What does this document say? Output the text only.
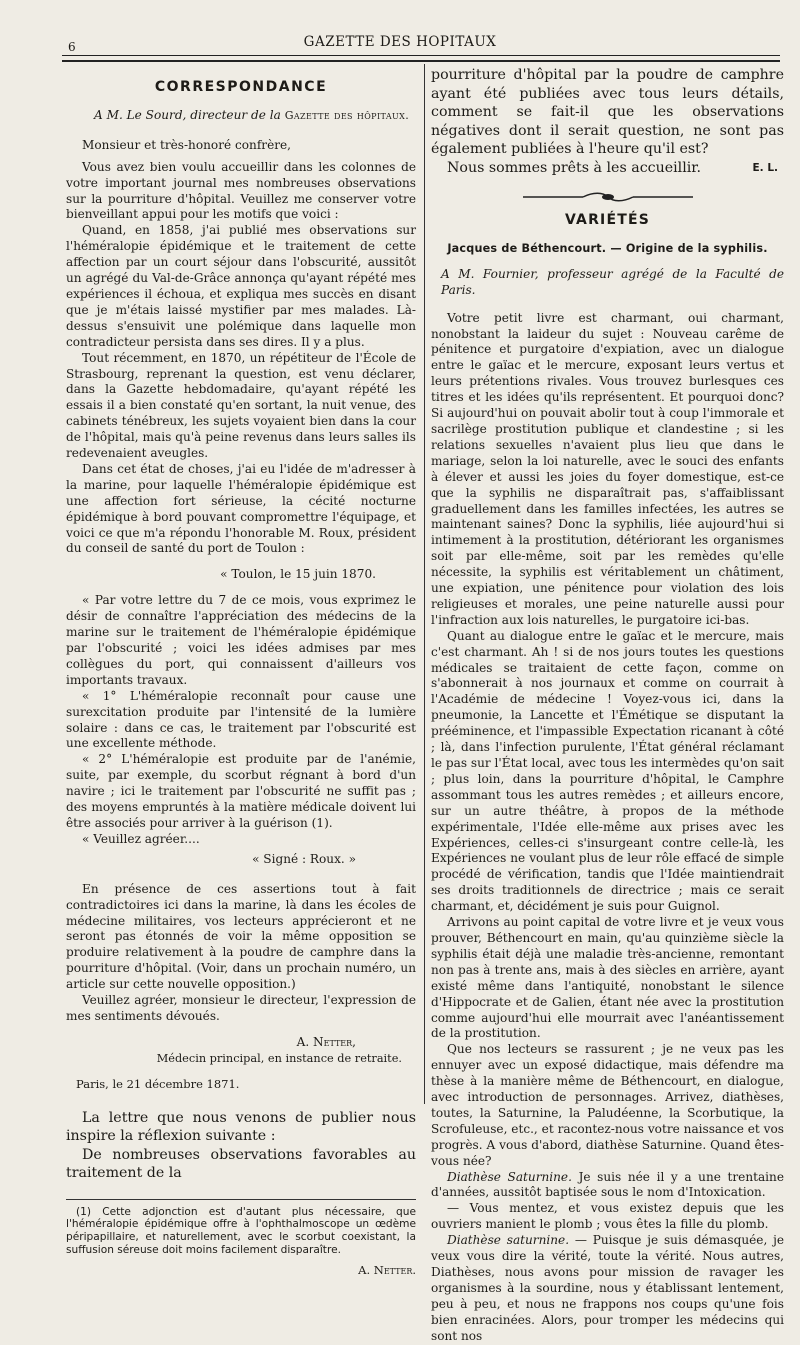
6	GAZETTE DES HOPITAUX
CORRESPONDANCE

A M. Le Sourd, directeur de la Gazette des hôpitaux.

Monsieur et très-honoré confrère,

Vous avez bien voulu accueillir dans les colonnes de votre important journal mes nombreuses observations sur la pourriture d'hôpital. Veuillez me conserver votre bienveillant appui pour les motifs que voici :

Quand, en 1858, j'ai publié mes observations sur l'héméralopie épidémique et le traitement de cette affection par un court séjour dans l'obscurité, aussitôt un agrégé du Val-de-Grâce annonça qu'ayant répété mes expériences il échoua, et expliqua mes succès en disant que je m'étais laissé mystifier par mes malades. Là-dessus s'ensuivit une polémique dans laquelle mon contradicteur persista dans ses dires. Il y a plus.

Tout récemment, en 1870, un répétiteur de l'École de Strasbourg, reprenant la question, est venu déclarer, dans la Gazette hebdomadaire, qu'ayant répété les essais il a bien constaté qu'en sortant, la nuit venue, des cabinets ténébreux, les sujets voyaient bien dans la cour de l'hôpital, mais qu'à peine revenus dans leurs salles ils redevenaient aveugles.

Dans cet état de choses, j'ai eu l'idée de m'adresser à la marine, pour laquelle l'héméralopie épidémique est une affection fort sérieuse, la cécité nocturne épidémique à bord pouvant compromettre l'équipage, et voici ce que m'a répondu l'honorable M. Roux, président du conseil de santé du port de Toulon :

« Toulon, le 15 juin 1870.

« Par votre lettre du 7 de ce mois, vous exprimez le désir de connaître l'appréciation des médecins de la marine sur le traitement de l'héméralopie épidémique par l'obscurité ; voici les idées admises par mes collègues du port, qui connaissent d'ailleurs vos importants travaux.

« 1° L'héméralopie reconnaît pour cause une surexcitation produite par l'intensité de la lumière solaire : dans ce cas, le traitement par l'obscurité est une excellente méthode.

« 2° L'héméralopie est produite par de l'anémie, suite, par exemple, du scorbut régnant à bord d'un navire ; ici le traitement par l'obscurité ne suffit pas ; des moyens empruntés à la matière médicale doivent lui être associés pour arriver à la guérison (1).

« Veuillez agréer....

« Signé : Roux. »

En présence de ces assertions tout à fait contradictoires ici dans la marine, là dans les écoles de médecine militaires, vos lecteurs apprécieront et ne seront pas étonnés de voir la même opposition se produire relativement à la poudre de camphre dans la pourriture d'hôpital. (Voir, dans un prochain numéro, un article sur cette nouvelle opposition.)

Veuillez agréer, monsieur le directeur, l'expression de mes sentiments dévoués.

A. Netter,
Médecin principal, en instance de retraite.

Paris, le 21 décembre 1871.

La lettre que nous venons de publier nous inspire la réflexion suivante :

De nombreuses observations favorables au traitement de la

(1) Cette adjonction est d'autant plus nécessaire, que l'héméralopie épidémique offre à l'ophthalmoscope un œdème péripapillaire, et naturellement, avec le scorbut coexistant, la suffusion séreuse doit moins facilement disparaître.

A. Netter.

pourriture d'hôpital par la poudre de camphre ayant été publiées avec tous leurs détails, comment se fait-il que les observations négatives dont il serait question, ne sont pas également publiées à l'heure qu'il est?

Nous sommes prêts à les accueillir.	E. L.

VARIÉTÉS
Jacques de Béthencourt. — Origine de la syphilis.

A M. Fournier, professeur agrégé de la Faculté de Paris.

Votre petit livre est charmant, oui charmant, nonobstant la laideur du sujet : Nouveau carême de pénitence et purgatoire d'expiation, avec un dialogue entre le gaïac et le mercure, exposant leurs vertus et leurs prétentions rivales. Vous trouvez burlesques ces titres et les idées qu'ils représentent. Et pourquoi donc? Si aujourd'hui on pouvait abolir tout à coup l'immorale et sacrilège prostitution publique et clandestine ; si les relations sexuelles n'avaient plus lieu que dans le mariage, selon la loi naturelle, avec le souci des enfants à élever et aussi les joies du foyer domestique, est-ce que la syphilis ne disparaîtrait pas, s'affaiblissant graduellement dans les familles infectées, les autres se maintenant saines? Donc la syphilis, liée aujourd'hui si intimement à la prostitution, détériorant les organismes soit par elle-même, soit par les remèdes qu'elle nécessite, la syphilis est véritablement un châtiment, une expiation, une pénitence pour violation des lois religieuses et morales, une peine naturelle aussi pour l'infraction aux lois naturelles, le purgatoire ici-bas.

Quant au dialogue entre le gaïac et le mercure, mais c'est charmant. Ah ! si de nos jours toutes les questions médicales se traitaient de cette façon, comme on s'abonnerait à nos journaux et comme on courrait à l'Académie de médecine ! Voyez-vous ici, dans la pneumonie, la Lancette et l'Émétique se disputant la prééminence, et l'impassible Expectation ricanant à côté ; là, dans l'infection purulente, l'État général réclamant le pas sur l'État local, avec tous les intermèdes qu'on sait ; plus loin, dans la pourriture d'hôpital, le Camphre assommant tous les autres remèdes ; et ailleurs encore, sur un autre théâtre, à propos de la méthode expérimentale, l'Idée elle-même aux prises avec les Expériences, celles-ci s'insurgeant contre celle-là, les Expériences ne voulant plus de leur rôle effacé de simple procédé de vérification, tandis que l'Idée maintiendrait ses droits traditionnels de directrice ; mais ce serait charmant, et, décidément je suis pour Guignol.

Arrivons au point capital de votre livre et je veux vous prouver, Béthencourt en main, qu'au quinzième siècle la syphilis était déjà une maladie très-ancienne, remontant non pas à trente ans, mais à des siècles en arrière, ayant existé même dans l'antiquité, nonobstant le silence d'Hippocrate et de Galien, étant née avec la prostitution comme aujourd'hui elle mourrait avec l'anéantissement de la prostitution.

Que nos lecteurs se rassurent ; je ne veux pas les ennuyer avec un exposé didactique, mais défendre ma thèse à la manière même de Béthencourt, en dialogue, avec introduction de personnages. Arrivez, diathèses, toutes, la Saturnine, la Paludéenne, la Scorbutique, la Scrofuleuse, etc., et racontez-nous votre naissance et vos progrès. A vous d'abord, diathèse Saturnine. Quand êtes-vous née?

Diathèse Saturnine. Je suis née il y a une trentaine d'années, aussitôt baptisée sous le nom d'Intoxication.

— Vous mentez, et vous existez depuis que les ouvriers manient le plomb ; vous êtes la fille du plomb.

Diathèse saturnine. — Puisque je suis démasquée, je veux vous dire la vérité, toute la vérité. Nous autres, Diathèses, nous avons pour mission de ravager les organismes à la sourdine, nous y établissant lentement, peu à peu, et nous ne frappons nos coups qu'une fois bien enracinées. Alors, pour tromper les médecins qui sont nos
